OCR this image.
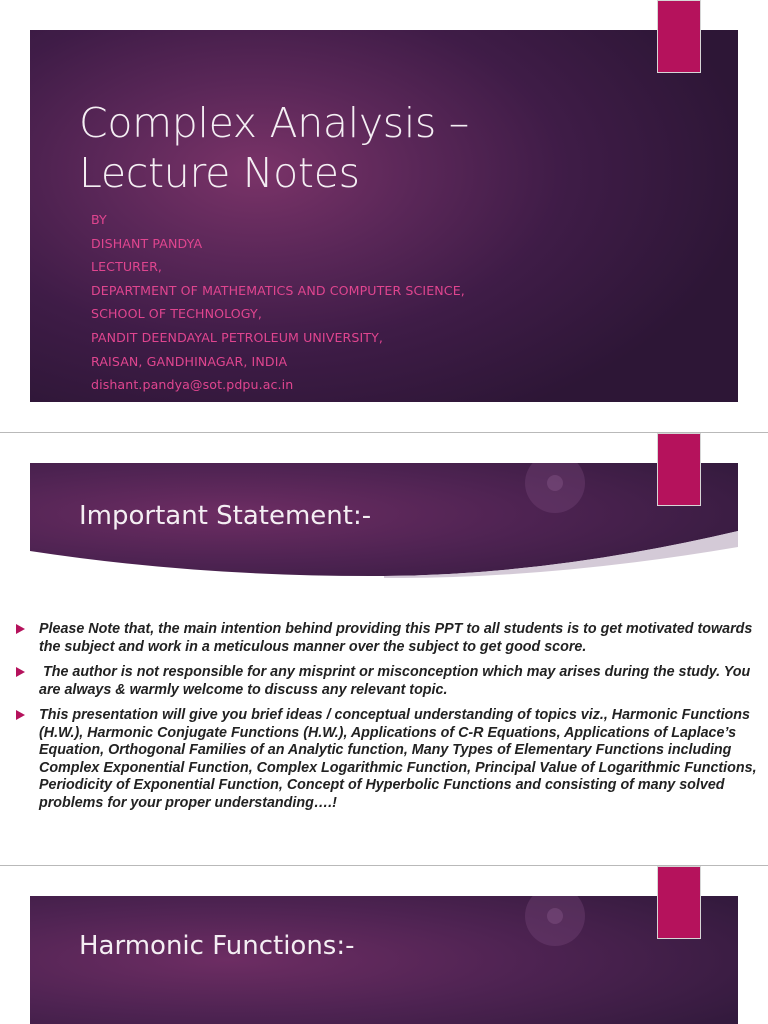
Complex Analysis –
Lecture Notes
BY
DISHANT PANDYA
LECTURER,
DEPARTMENT OF MATHEMATICS AND COMPUTER SCIENCE,
SCHOOL OF TECHNOLOGY,
PANDIT DEENDAYAL PETROLEUM UNIVERSITY,
RAISAN, GANDHINAGAR, INDIA
dishant.pandya@sot.pdpu.ac.in
Important Statement:-
Please Note that, the main intention behind providing this PPT to all students is to get motivated towards the subject and work in a meticulous manner over the subject to get good score.
The author is not responsible for any misprint or misconception which may arises during the study. You are always & warmly welcome to discuss any relevant topic.
This presentation will give you brief ideas / conceptual understanding of topics viz., Harmonic Functions (H.W.), Harmonic Conjugate Functions (H.W.), Applications of C-R Equations, Applications of Laplace’s Equation, Orthogonal Families of an Analytic function, Many Types of Elementary Functions including Complex Exponential Function, Complex Logarithmic Function, Principal Value of Logarithmic Functions, Periodicity of Exponential Function, Concept of Hyperbolic Functions and consisting of many solved problems for your proper understanding….!
Harmonic Functions:-
